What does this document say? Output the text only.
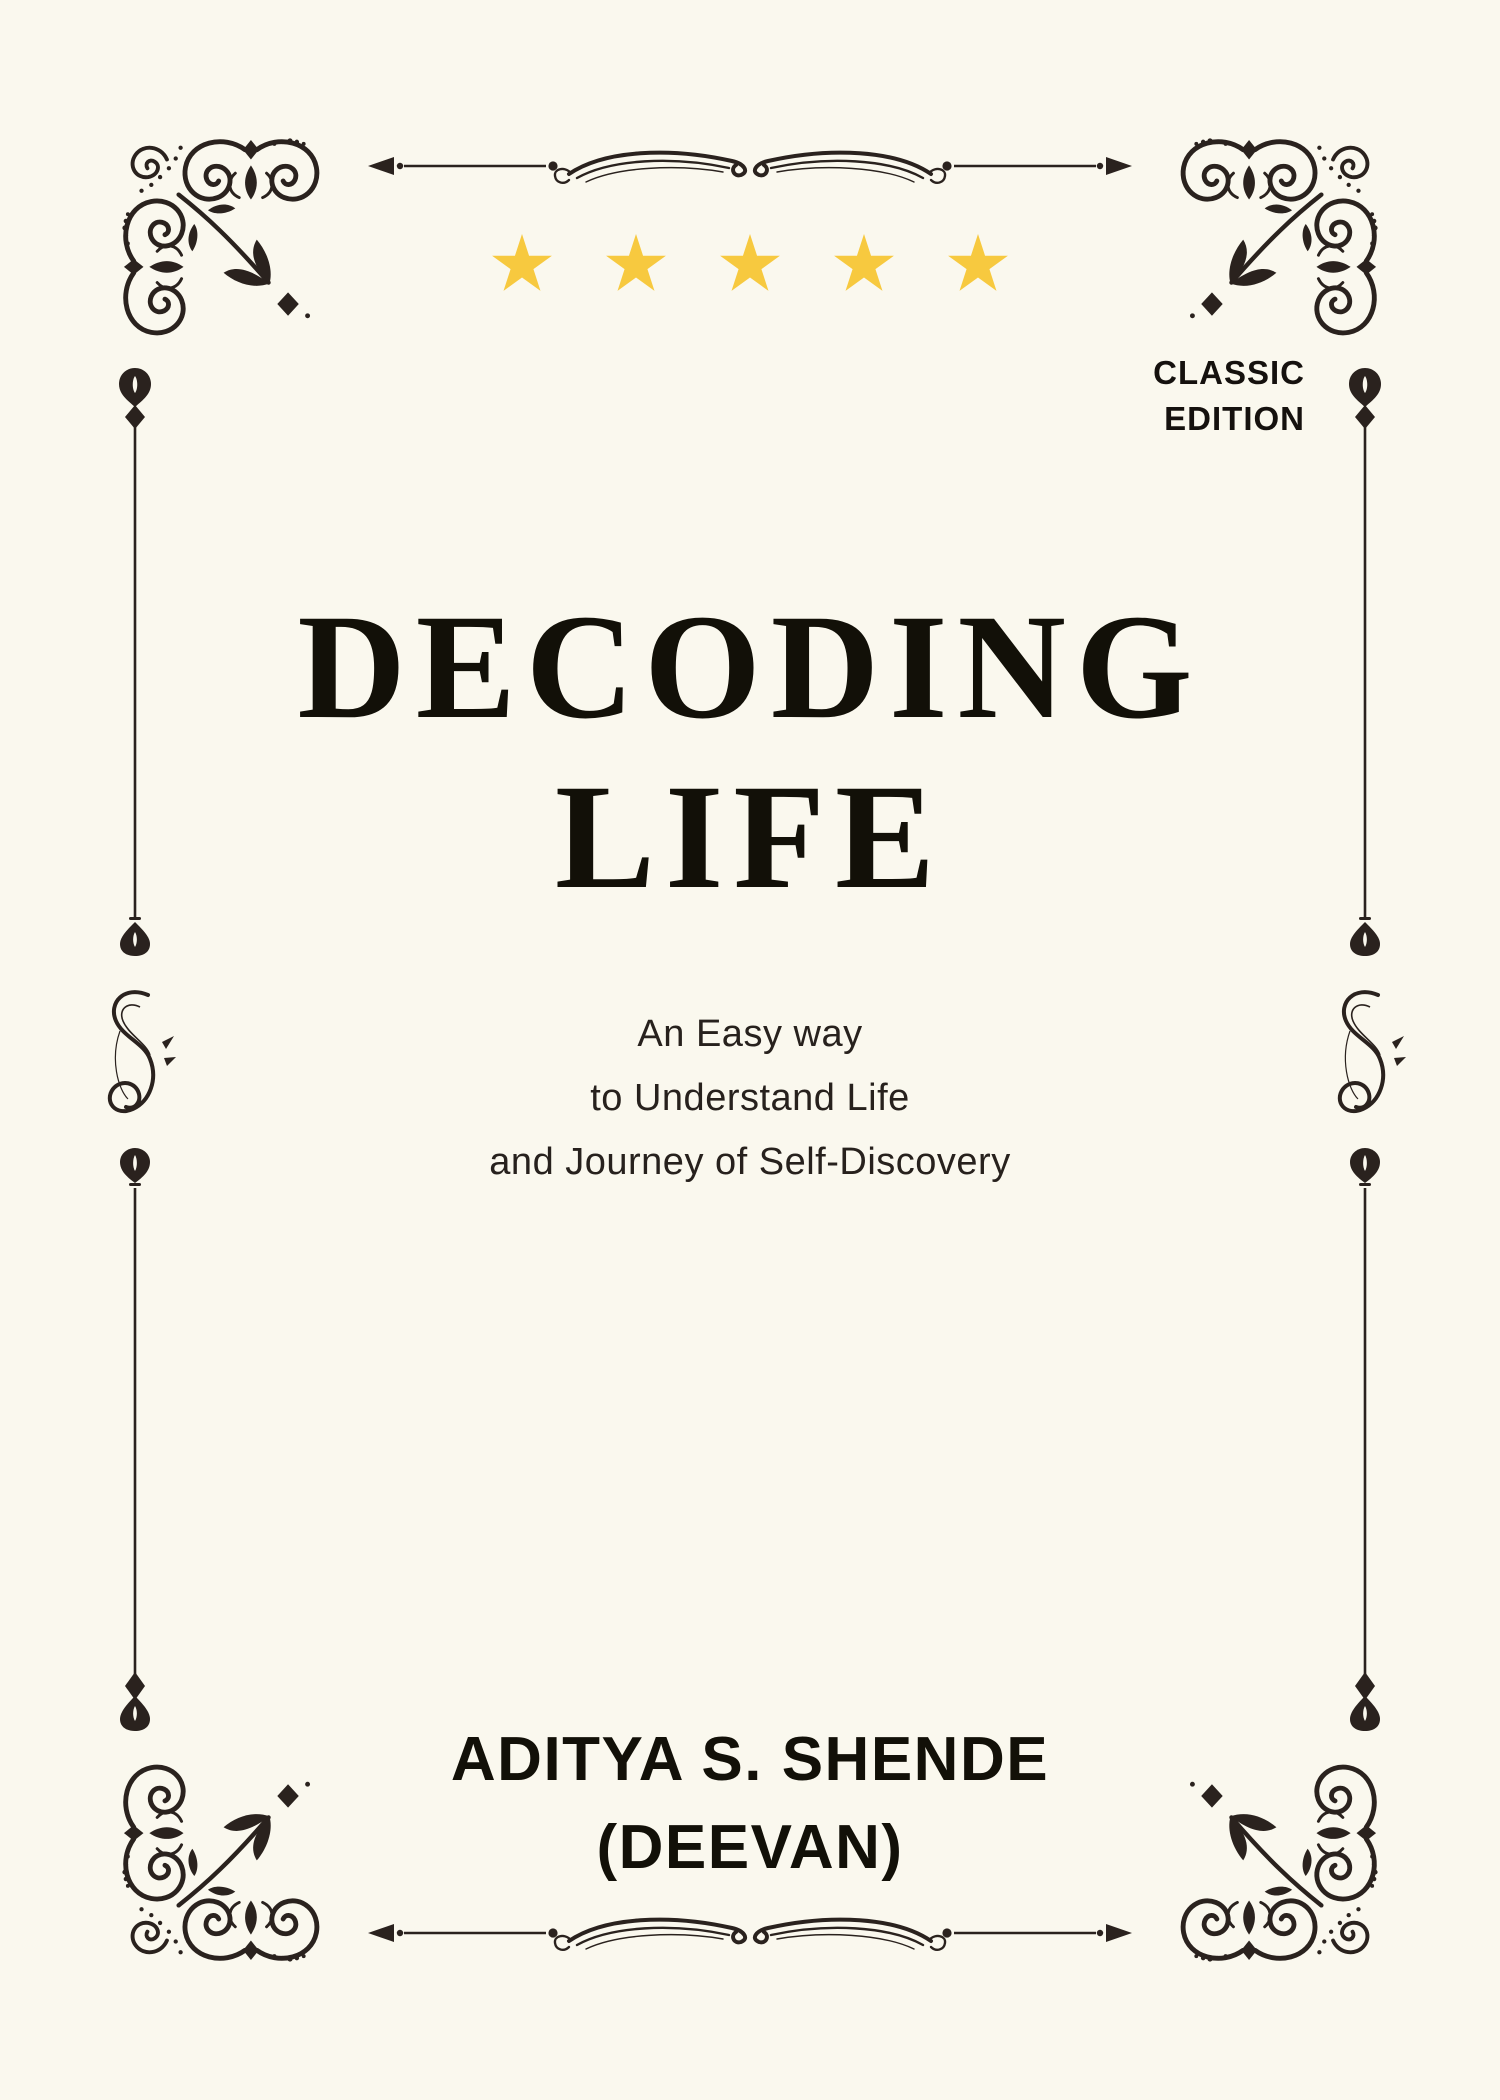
CLASSIC
EDITION
DECODING
LIFE
An Easy way
to Understand Life
and Journey of Self-Discovery
ADITYA S. SHENDE
(DEEVAN)
